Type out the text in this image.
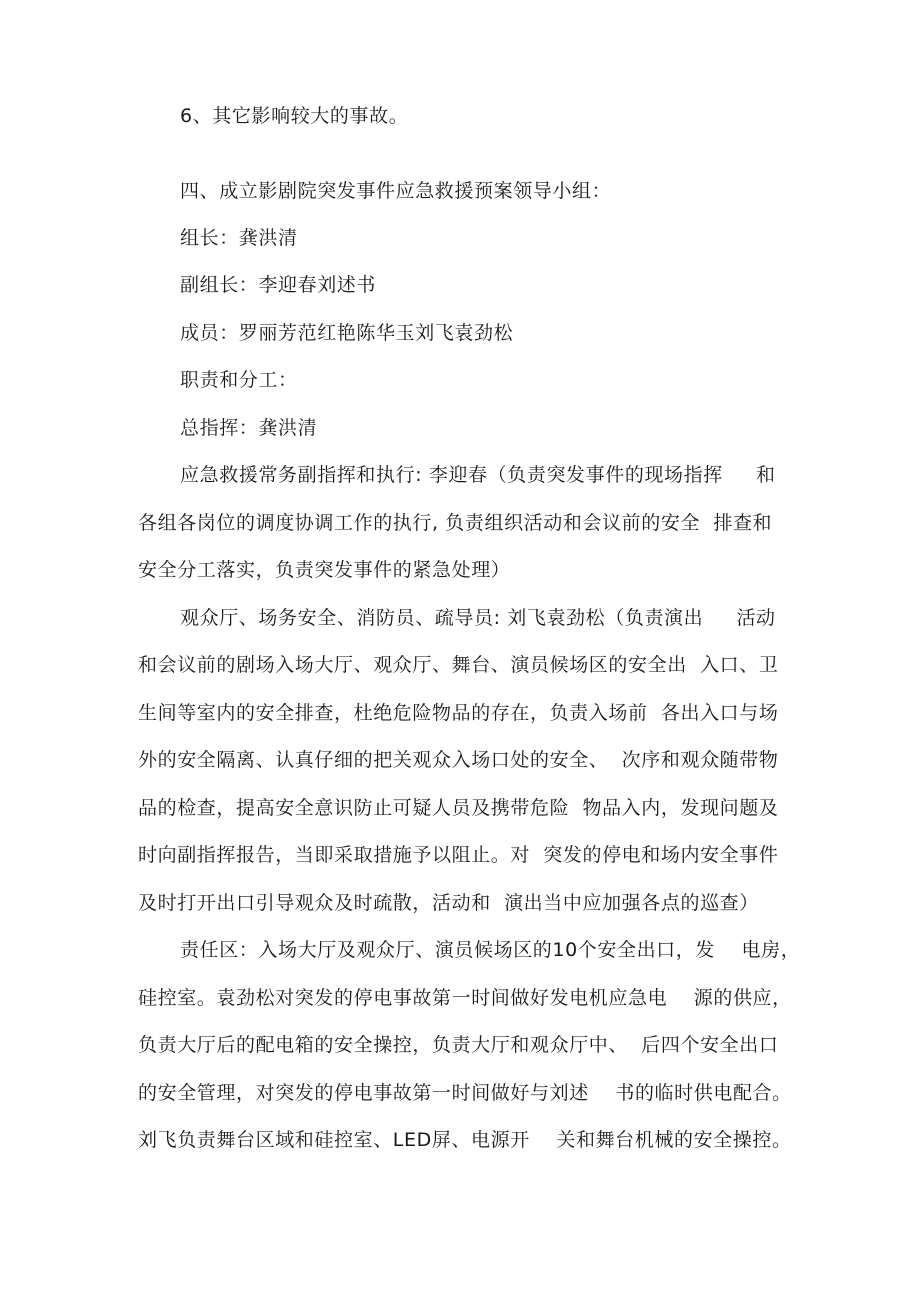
6、其它影响较大的事故。
四、成立影剧院突发事件应急救援预案领导小组：
组长：龚洪清
副组长：李迎春刘述书
成员：罗丽芳范红艳陈华玉刘飞袁劲松
职责和分工：
总指挥：龚洪清
应急救援常务副指挥和执行: 李迎春（负责突发事件的现场指挥     和
各组各岗位的调度协调工作的执行, 负责组织活动和会议前的安全  排查和
安全分工落实，负责突发事件的紧急处理）
观众厅、场务安全、消防员、疏导员: 刘飞袁劲松（负责演出     活动
和会议前的剧场入场大厅、观众厅、舞台、演员候场区的安全出  入口、卫
生间等室内的安全排查，杜绝危险物品的存在，负责入场前  各出入口与场
外的安全隔离、认真仔细的把关观众入场口处的安全、  次序和观众随带物
品的检查，提高安全意识防止可疑人员及携带危险  物品入内，发现问题及
时向副指挥报告，当即采取措施予以阻止。对  突发的停电和场内安全事件
及时打开出口引导观众及时疏散，活动和  演出当中应加强各点的巡查）
责任区：入场大厅及观众厅、演员候场区的10个安全出口，发    电房，
硅控室。袁劲松对突发的停电事故第一时间做好发电机应急电    源的供应，
负责大厅后的配电箱的安全操控，负责大厅和观众厅中、  后四个安全出口
的安全管理，对突发的停电事故第一时间做好与刘述    书的临时供电配合。
刘飞负责舞台区域和硅控室、LED屏、电源开    关和舞台机械的安全操控。
